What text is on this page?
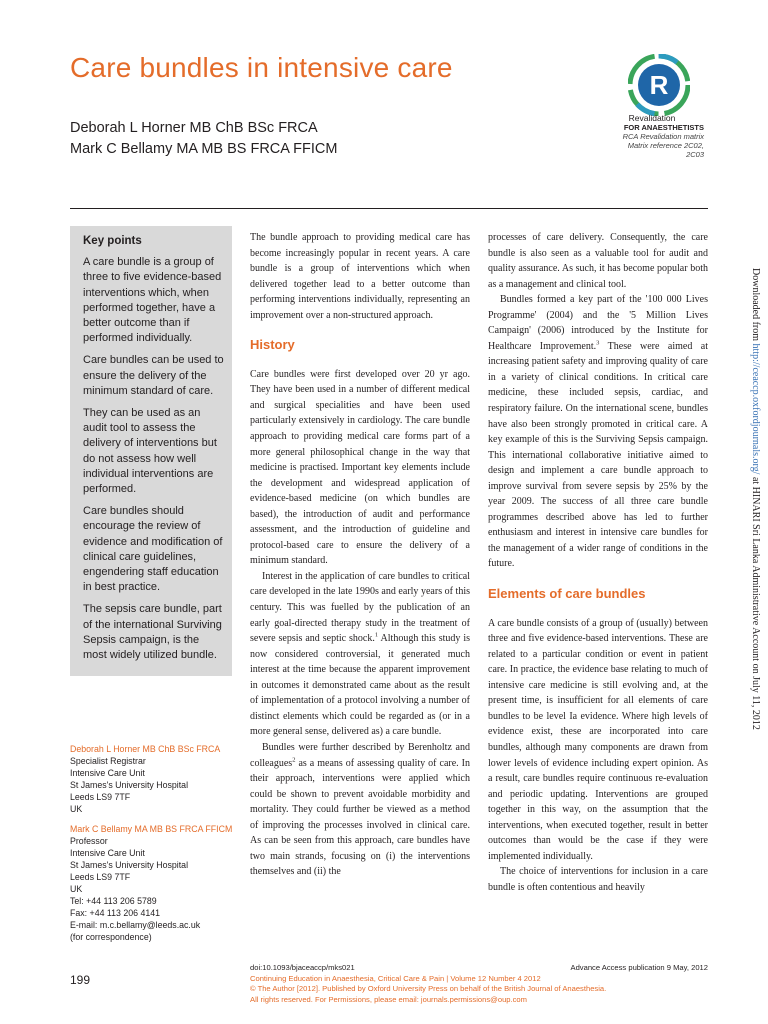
Care bundles in intensive care
Deborah L Horner MB ChB BSc FRCA
Mark C Bellamy MA MB BS FRCA FFICM
R
Revalidation
FOR ANAESTHETISTS
RCA Revalidation matrix
Matrix reference 2C02,
2C03
Key points
A care bundle is a group of three to five evidence-based interventions which, when performed together, have a better outcome than if performed individually.
Care bundles can be used to ensure the delivery of the minimum standard of care.
They can be used as an audit tool to assess the delivery of interventions but do not assess how well individual interventions are performed.
Care bundles should encourage the review of evidence and modification of clinical care guidelines, engendering staff education in best practice.
The sepsis care bundle, part of the international Surviving Sepsis campaign, is the most widely utilized bundle.
Deborah L Horner MB ChB BSc FRCA
Specialist Registrar
Intensive Care Unit
St James's University Hospital
Leeds LS9 7TF
UK
Mark C Bellamy MA MB BS FRCA FFICM
Professor
Intensive Care Unit
St James's University Hospital
Leeds LS9 7TF
UK
Tel: +44 113 206 5789
Fax: +44 113 206 4141
E-mail: m.c.bellamy@leeds.ac.uk
(for correspondence)

The bundle approach to providing medical care has become increasingly popular in recent years. A care bundle is a group of interventions which when delivered together lead to a better outcome than performing interventions individually, representing an improvement over a non-structured approach.

History

Care bundles were first developed over 20 yr ago. They have been used in a number of different medical and surgical specialities and have been used particularly extensively in cardiology. The care bundle approach to providing medical care forms part of a more general philosophical change in the way that medicine is practised. Important key elements include the development and widespread application of evidence-based medicine (on which bundles are based), the introduction of audit and performance assessment, and the introduction of guideline and protocol-based care to ensure the delivery of a minimum standard.

Interest in the application of care bundles to critical care developed in the late 1990s and early years of this century. This was fuelled by the publication of an early goal-directed therapy study in the treatment of severe sepsis and septic shock.$^1$ Although this study is now considered controversial, it generated much interest at the time because the apparent improvement in outcomes it demonstrated came about as the result of implementation of a protocol involving a number of distinct elements which could be regarded as (or in a more general sense, delivered as) a care bundle.

Bundles were further described by Berenholtz and colleagues$^2$ as a means of assessing quality of care. In their approach, interventions were applied which could be shown to prevent avoidable morbidity and mortality. They could further be viewed as a method of improving the processes involved in clinical care. As can be seen from this approach, care bundles have two main strands, focusing on (i) the interventions themselves and (ii) the

processes of care delivery. Consequently, the care bundle is also seen as a valuable tool for audit and quality assurance. As such, it has become popular both as a management and clinical tool.

Bundles formed a key part of the '100 000 Lives Programme' (2004) and the '5 Million Lives Campaign' (2006) introduced by the Institute for Healthcare Improvement.$^3$ These were aimed at increasing patient safety and improving quality of care in a variety of clinical conditions. In critical care medicine, these included sepsis, cardiac, and respiratory failure. On the international scene, bundles have also been strongly promoted in critical care. A key example of this is the Surviving Sepsis campaign. This international collaborative initiative aimed to design and implement a care bundle approach to improve survival from severe sepsis by 25% by the year 2009. The success of all three care bundle programmes described above has led to further enthusiasm and interest in intensive care bundles for the management of a wider range of conditions in the future.

Elements of care bundles

A care bundle consists of a group of (usually) between three and five evidence-based interventions. These are related to a particular condition or event in patient care. In practice, the evidence base relating to much of intensive care medicine is still evolving and, at the present time, is insufficient for all elements of care bundles to be level Ia evidence. Where high levels of evidence exist, these are incorporated into care bundles, although many components are drawn from lower levels of evidence including expert opinion. As a result, care bundles require continuous re-evaluation and periodic updating. Interventions are grouped together in this way, on the assumption that the interventions, when executed together, result in better outcomes than would be the case if they were implemented individually.

The choice of interventions for inclusion in a care bundle is often contentious and heavily

Downloaded from http://ceaccp.oxfordjournals.org/ at HINARI Sri Lanka Administrative Account on July 11, 2012
199
doi:10.1093/bjaceaccp/mks021	Advance Access publication 9 May, 2012
Continuing Education in Anaesthesia, Critical Care & Pain | Volume 12 Number 4 2012
© The Author [2012]. Published by Oxford University Press on behalf of the British Journal of Anaesthesia.
All rights reserved. For Permissions, please email: journals.permissions@oup.com
